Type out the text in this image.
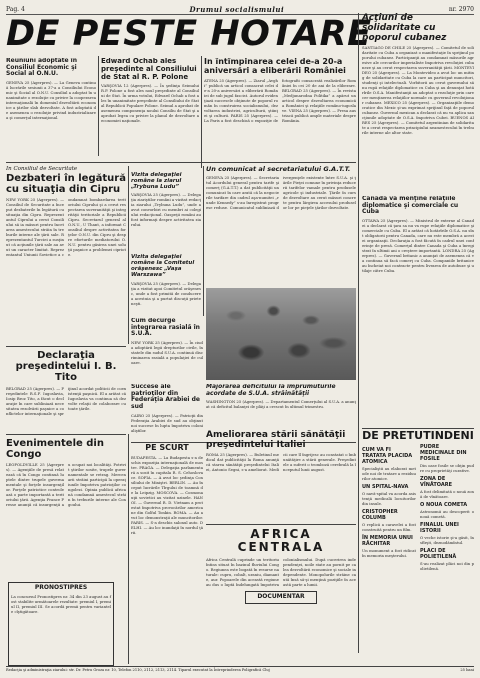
Pag. 4	Drumul socialismului	nr. 2970
DE PESTE HOTARE
Acţiuni de solidaritate cu poporul cubanez

SANTIAGO DE CHILE 25 (Agerpres). — Comitetul de solidaritate cu Cuba a organizat o manifestaţie în sprijinul poporului cubanez. Participanţii au condamnat măsurile agresive ale cercurilor imperialiste împotriva revoluţiei cubaneze şi au cerut respectarea suveranităţii ţării. MONTEVIDEO 25 (Agerpres). — La Montevideo a avut loc un miting de solidaritate cu Cuba la care au participat muncitori, studenţi şi intelectuali. Vorbitorii au cerut guvernului să nu rupă relaţiile diplomatice cu Cuba şi au denunţat hotărîrile O.S.A. Manifestanţii au adoptat o rezoluţie prin care cer menţinerea relaţiilor normale cu guvernul revoluţionar cubanez. MEXICO 25 (Agerpres). — Organizaţiile democratice din Mexic şi-au exprimat sprijinul faţă de poporul cubanez. Guvernul mexican a declarat că nu va aplica sancţiunile adoptate de O.S.A. împotriva Cubei. BUENOS AIRES 25 (Agerpres). — Comitetul argentinian de solidaritate a cerut respectarea principiului neamestecului în treburile interne ale altor state.

Reuniuni adoptate în Consiliul Economic şi Social al O.N.U.

GENEVA 25 (Agerpres). — La Geneva continuă lucrările sesiunii a 37-a a Consiliului Economic şi Social al O.N.U. Consiliul a adoptat în unanimitate o rezoluţie cu privire la cooperarea internaţională în domeniul dezvoltării economice a ţărilor slab dezvoltate. A fost adoptată de asemenea o rezoluţie privind industrializarea şi comerţul internaţional.

Edward Ochab ales preşedinte al Consiliului de Stat al R. P. Polone

VARŞOVIA 12 (Agerpres). — În şedinţa Seimului R.P. Polone a fost ales noul preşedinte al Consiliului de Stat. În urma votului, Edward Ochab a fost ales în unanimitate preşedinte al Consiliului de Stat al Republicii Populare Polone. Seimul a aprobat de asemenea componenţa noului Consiliu de Stat şi a aprobat legea cu privire la planul de dezvoltare a economiei naţionale.

În întîmpinarea celei de-a 20-a aniversări a eliberării României

ATENA 25 (Agerpres). — Ziarul „Avghi” publică un articol consacrat celei de-a 20-a aniversări a eliberării României de sub jugul fascist. Autorul evidenţiază succesele obţinute de poporul român în construirea socialismului, dezvoltarea industriei, agriculturii, ştiinţei şi culturii. PARIS 25 (Agerpres). — La Paris a fost deschisă o expoziţie de fotografii consacrată realizărilor României în cei 20 de ani de la eliberare. BELGRAD 25 (Agerpres). — În revista „Medjunarodna Politika” a apărut un articol despre dezvoltarea economică a României şi relaţiile româno-iugoslave. VIENA 25 (Agerpres). — Presa austriacă publică ample materiale despre România.

În Consiliul de Securitate
Dezbateri în legătură cu situaţia din Cipru

NEW YORK 25 (Agerpres). — Consiliul de Securitate a început dezbaterile în legătură cu situaţia din Cipru. Reprezentantul Ciprului a cerut Consiliului să ia măsuri pentru încetarea amestecului străin în treburile interne ale ţării sale. Reprezentantul Turciei a susţinut că acţiunile ţării sale au avut un caracter limitat. Reprezentantul Uniunii Sovietice a condamnat bombardarea teritoriului Ciprului şi a cerut respectarea suveranităţii şi integrităţii teritoriale a Republicii Cipru. Secretarul general al O.N.U., U Thant, a informat Consiliul despre activitatea forţelor O.N.U. din Cipru şi despre eforturile mediatorului O.N.U. pentru găsirea unei soluţii paşnice a problemei cipriote.

Vizita delegaţiei române la ziarul „Trybuna Ludu”

VARŞOVIA 25 (Agerpres). — Delegaţia ziariştilor români a vizitat redacţia ziarului „Trybuna Ludu”, unde a avut convorbiri cu membri ai colegiului redacţional. Oaspeţii români au fost informaţi despre activitatea ziarului.

Vizita delegaţiei române la Comitetul orăşenesc „Vaşa Warszawa”

VARŞOVIA 25 (Agerpres). — Delegaţia a vizitat apoi Comitetul orăşenesc, unde a fost primită de conducerea acestuia şi a purtat discuţii prieteneşti.

Un comunicat al secretariatului G.A.T.T.

GENEVA 25 (Agerpres). — Secretariatul Acordului general pentru tarife şi comerţ (G.A.T.T.) a dat publicităţii un comunicat în care arată că la negocierile tarifare din cadrul aşa-numitei „runde Kennedy” s-au înregistrat progrese reduse. Comunicatul subliniază divergenţele existente între S.U.A. şi ţările Pieţei comune în privinţa reducerii tarifelor vamale pentru produsele agricole şi industriale. Ţările în curs de dezvoltare au cerut măsuri concrete pentru lărgirea accesului produselor lor pe pieţele ţărilor dezvoltate.

Cum decurge integrarea rasială în S.U.A.

NEW YORK 25 (Agerpres). — În ciuda adoptării legii drepturilor civile, în statele din sudul S.U.A. continuă discriminarea rasială a populaţiei de culoare.

Majorarea deficitului la împrumuturile acordate de S.U.A. străinătăţii

WASHINGTON 25 (Agerpres). — Departamentul Comerţului al S.U.A. a anunţat că deficitul balanţei de plăţi a crescut în ultimul trimestru.

Declaraţia preşedintelui I. B. Tito

BELGRAD 25 (Agerpres). — Preşedintele R.S.F. Iugoslavia, Iosip Broz Tito, a făcut o declaraţie în care subliniază necesitatea rezolvării paşnice a conflictelor internaţionale şi sprijinul acordat politicii de coexistenţă paşnică. El a arătat că Iugoslavia va continua să dezvolte relaţii de colaborare cu toate ţările.

Succese ale patrioţilor din Federaţia Arabiei de sud

CAIRO 25 (Agerpres). — Patrioţii din Federaţia Arabiei de sud au obţinut noi succese în lupta împotriva colonialiştilor.

Canada va menţine relaţiile diplomatice şi comerciale cu Cuba

OTTAWA 25 (Agerpres). — Ministrul de externe al Canadei a declarat că ţara sa nu va rupe relaţiile diplomatice şi comerciale cu Cuba. El a arătat că hotărîrile O.S.A. nu sînt obligatorii pentru Canada, care nu este membră a acestei organizaţii. Declaraţia a fost făcută în cadrul unei conferinţe de presă. Comerţul dintre Canada şi Cuba a înregistrat în ultimii ani o creştere importantă. LONDRA 25 (Agerpres). — Guvernul britanic a anunţat de asemenea că va continua să facă comerţ cu Cuba. Companiile britanice au încheiat noi contracte pentru livrarea de autobuze şi utilaje către Cuba.

Evenimentele din Congo

LEOPOLDVILLE 25 (Agerpres). — Agenţiile de presă relatează că în Congo continuă luptele dintre trupele guvernamentale şi forţele insurgenţilor. Forţele patriotice controlează o parte importantă a teritoriului ţării. Agenţia France Presse anunţă că insurgenţii au ocupat noi localităţi. Potrivit ştirilor sosite, trupele guvernamentale se retrag. Mercenarii străini participă la operaţiunile împotriva patrioţilor congolezi. Opinia publică africană condamnă amestecul străin în treburile interne ale Congoului.

PRONOSTIPRES

La concursul Pronostipres nr. 34 din 23 august au fost stabilite următoarele rezultate: premiul I, premiul II, premiul III. Se acordă premii pentru variantele cîştigătoare.

PE SCURT

BUDAPESTA. — La Budapesta s-a deschis expoziţia internaţională de mostre. PRAGA. — Delegaţia parlamentară a sosit în capitala R. S. Cehoslovace. SOFIA. — A avut loc şedinţa Consiliului de Miniştri. BERLIN. — Au început lucrările Tîrgului de toamnă de la Leipzig. MOSCOVA. — Cosmonauţii sovietici au vizitat uzinele. HANOI. — Guvernul R. D. Vietnam a protestat împotriva provocărilor americane din Golful Tonkin. ROMA. — Au avut loc demonstraţii ale muncitorilor. PARIS. — S-a deschis salonul auto. DELHI. — Au loc inundaţii în nordul ţării.

Ameliorarea stării sănătăţii preşedintelui Italiei

ROMA 25 (Agerpres). — Buletinul medical dat publicităţii la Roma anunţă că starea sănătăţii preşedintelui Italiei, Antonio Segni, s-a ameliorat. Medicii care îl îngrijesc au constatat o îmbunătăţire a stării generale. Preşedintele a suferit o tromboză cerebrală la începutul lunii august.

AFRICA CENTRALA

Africa Centrală cuprinde un teritoriu întins situat în bazinul fluviului Congo. Regiunea este bogată în resurse naturale: cupru, cobalt, uraniu, diamante, aur. Popoarele din această regiune au dus o luptă îndelungată împotriva colonialismului. După cucerirea independenţei, noile state au pornit pe calea dezvoltării economice şi sociale independente. Monopolurile străine caută însă să-şi menţină poziţiile în această parte a lumii.

DOCUMENTAR
DE PRETUTINDENI
CUM VA FI TRATATA PLACIDA ATOMICA

Specialiştii au elaborat metode noi de tratare a reziduurilor atomice.

UN SPITAL-NAVA

O navă-spital va acorda asistenţă medicală locuitorilor din insule.

CRISTOPHER COLUMB

O replică a caravelei a fost construită pentru un film.

ÎN MEMORIA UNUI RĂCHITAR

Un monument a fost ridicat în memoria meşterului.

PUDRE MEDICINALE DIN FOSILE

Din oase fosile se obţin pudre cu proprietăţi curative.

ZONA DE VÎNĂTOARE

A fost delimitată o nouă zonă de vînătoare.

O NOUA COMETA

Astronomii au descoperit o nouă cometă.

FINALUL UNEI ISTORII

O veche istorie şi-a găsit, în sfîrşit, deznodămîntul.

PLACI DE POLIETILENĂ

S-au realizat plăci noi din polietilenă.

Redacţia şi administraţia ziarului: str. Dr. Petru Groza nr. 10, Telefon 2110, 2112, 2113, 2114. Tiparul executat la Întreprinderea Poligrafică Cluj	25 bani
